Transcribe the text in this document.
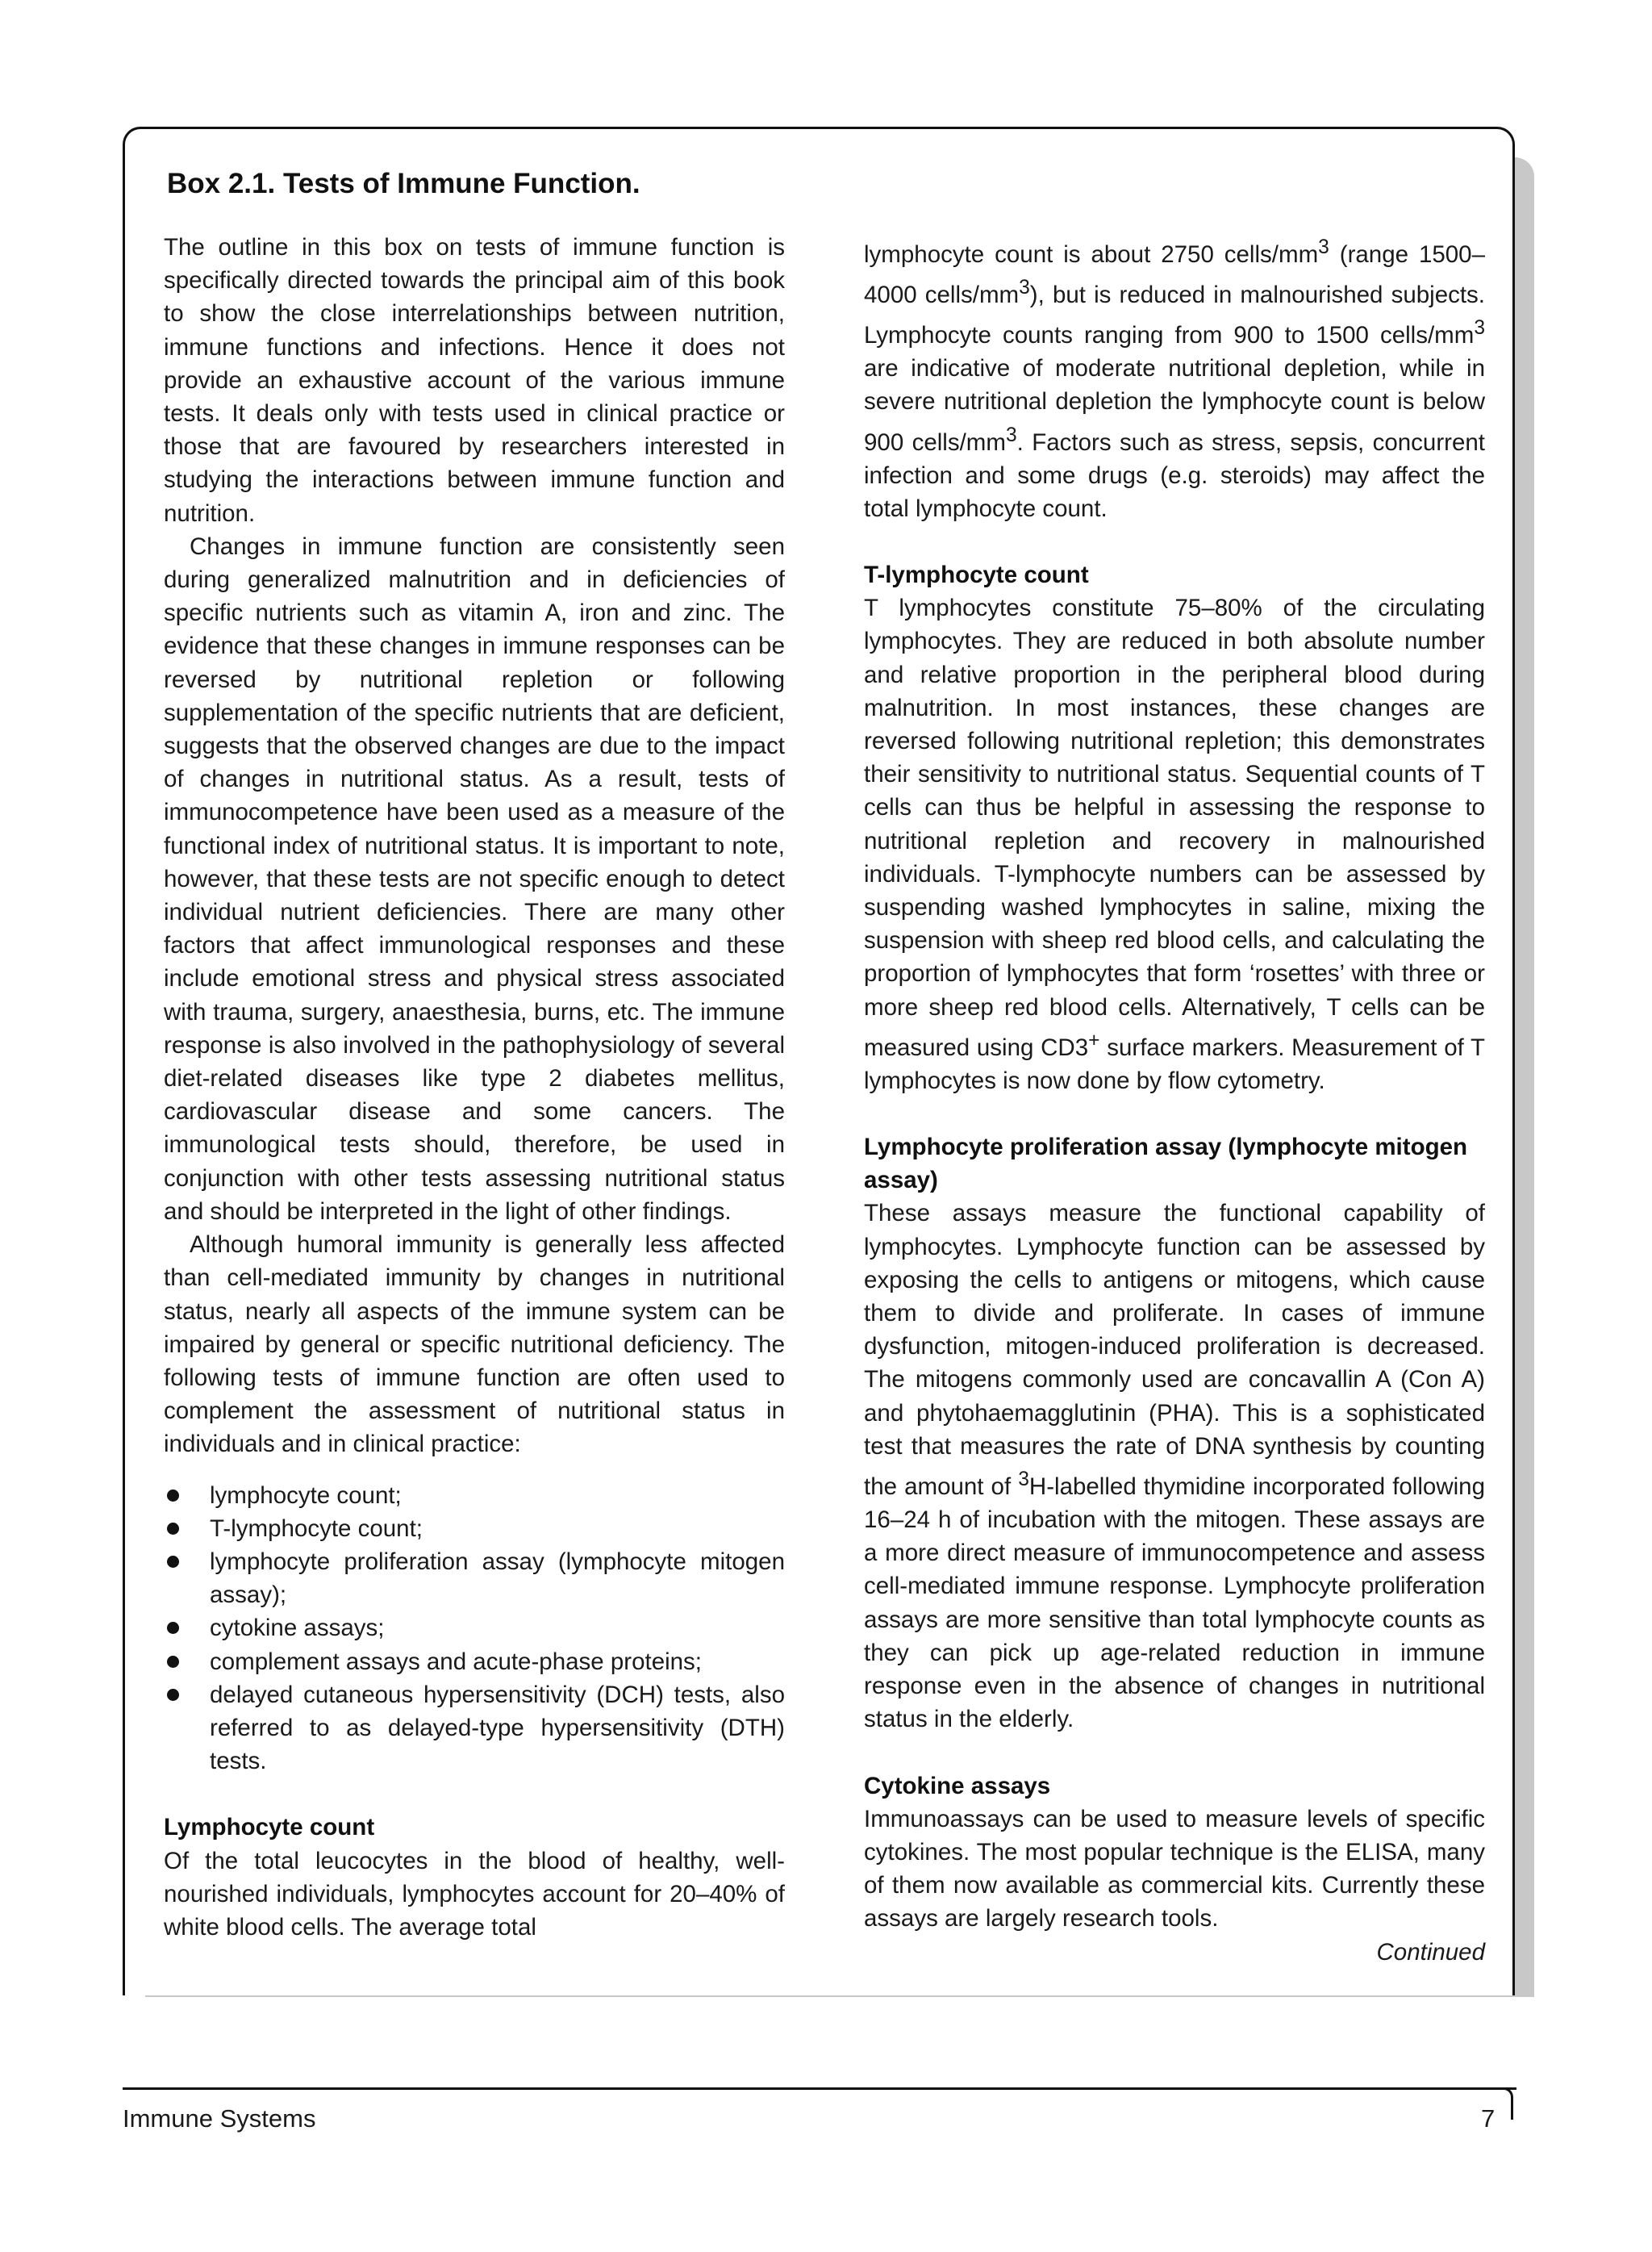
Box 2.1. Tests of Immune Function.

The outline in this box on tests of immune function is specifically directed towards the principal aim of this book to show the close interrelationships between nutrition, immune functions and infections. Hence it does not provide an exhaustive account of the various immune tests. It deals only with tests used in clinical practice or those that are favoured by researchers interested in studying the interactions between immune function and nutrition.

Changes in immune function are consistently seen during generalized malnutrition and in deficiencies of specific nutrients such as vitamin A, iron and zinc. The evidence that these changes in immune responses can be reversed by nutritional repletion or following supplementation of the specific nutrients that are deficient, suggests that the observed changes are due to the impact of changes in nutritional status. As a result, tests of immunocompetence have been used as a measure of the functional index of nutritional status. It is important to note, however, that these tests are not specific enough to detect individual nutrient deficiencies. There are many other factors that affect immunological responses and these include emotional stress and physical stress associated with trauma, surgery, anaesthesia, burns, etc. The immune response is also involved in the pathophysiology of several diet-related diseases like type 2 diabetes mellitus, cardiovascular disease and some cancers. The immunological tests should, therefore, be used in conjunction with other tests assessing nutritional status and should be interpreted in the light of other findings.

Although humoral immunity is generally less affected than cell-mediated immunity by changes in nutritional status, nearly all aspects of the immune system can be impaired by general or specific nutritional deficiency. The following tests of immune function are often used to complement the assessment of nutritional status in individuals and in clinical practice:

lymphocyte count;
T-lymphocyte count;
lymphocyte proliferation assay (lymphocyte mitogen assay);
cytokine assays;
complement assays and acute-phase proteins;
delayed cutaneous hypersensitivity (DCH) tests, also referred to as delayed-type hypersensitivity (DTH) tests.

Lymphocyte count

Of the total leucocytes in the blood of healthy, well-nourished individuals, lymphocytes account for 20–40% of white blood cells. The average total

lymphocyte count is about 2750 cells/$mm^3$ (range 1500–4000 cells/$mm^3$), but is reduced in malnourished subjects. Lymphocyte counts ranging from 900 to 1500 cells/$mm^3$ are indicative of moderate nutritional depletion, while in severe nutritional depletion the lymphocyte count is below 900 cells/$mm^3$. Factors such as stress, sepsis, concurrent infection and some drugs (e.g. steroids) may affect the total lymphocyte count.

T-lymphocyte count

T lymphocytes constitute 75–80% of the circulating lymphocytes. They are reduced in both absolute number and relative proportion in the peripheral blood during malnutrition. In most instances, these changes are reversed following nutritional repletion; this demonstrates their sensitivity to nutritional status. Sequential counts of T cells can thus be helpful in assessing the response to nutritional repletion and recovery in malnourished individuals. T-lymphocyte numbers can be assessed by suspending washed lymphocytes in saline, mixing the suspension with sheep red blood cells, and calculating the proportion of lymphocytes that form ‘rosettes’ with three or more sheep red blood cells. Alternatively, T cells can be measured using CD3+ surface markers. Measurement of T lymphocytes is now done by flow cytometry.

Lymphocyte proliferation assay (lymphocyte mitogen assay)

These assays measure the functional capability of lymphocytes. Lymphocyte function can be assessed by exposing the cells to antigens or mitogens, which cause them to divide and proliferate. In cases of immune dysfunction, mitogen-induced proliferation is decreased. The mitogens commonly used are concavallin A (Con A) and phytohaemagglutinin (PHA). This is a sophisticated test that measures the rate of DNA synthesis by counting the amount of $^3$H-labelled thymidine incorporated following 16–24 h of incubation with the mitogen. These assays are a more direct measure of immunocompetence and assess cell-mediated immune response. Lymphocyte proliferation assays are more sensitive than total lymphocyte counts as they can pick up age-related reduction in immune response even in the absence of changes in nutritional status in the elderly.

Cytokine assays

Immunoassays can be used to measure levels of specific cytokines. The most popular technique is the ELISA, many of them now available as commercial kits. Currently these assays are largely research tools.

Continued

Immune Systems	7
